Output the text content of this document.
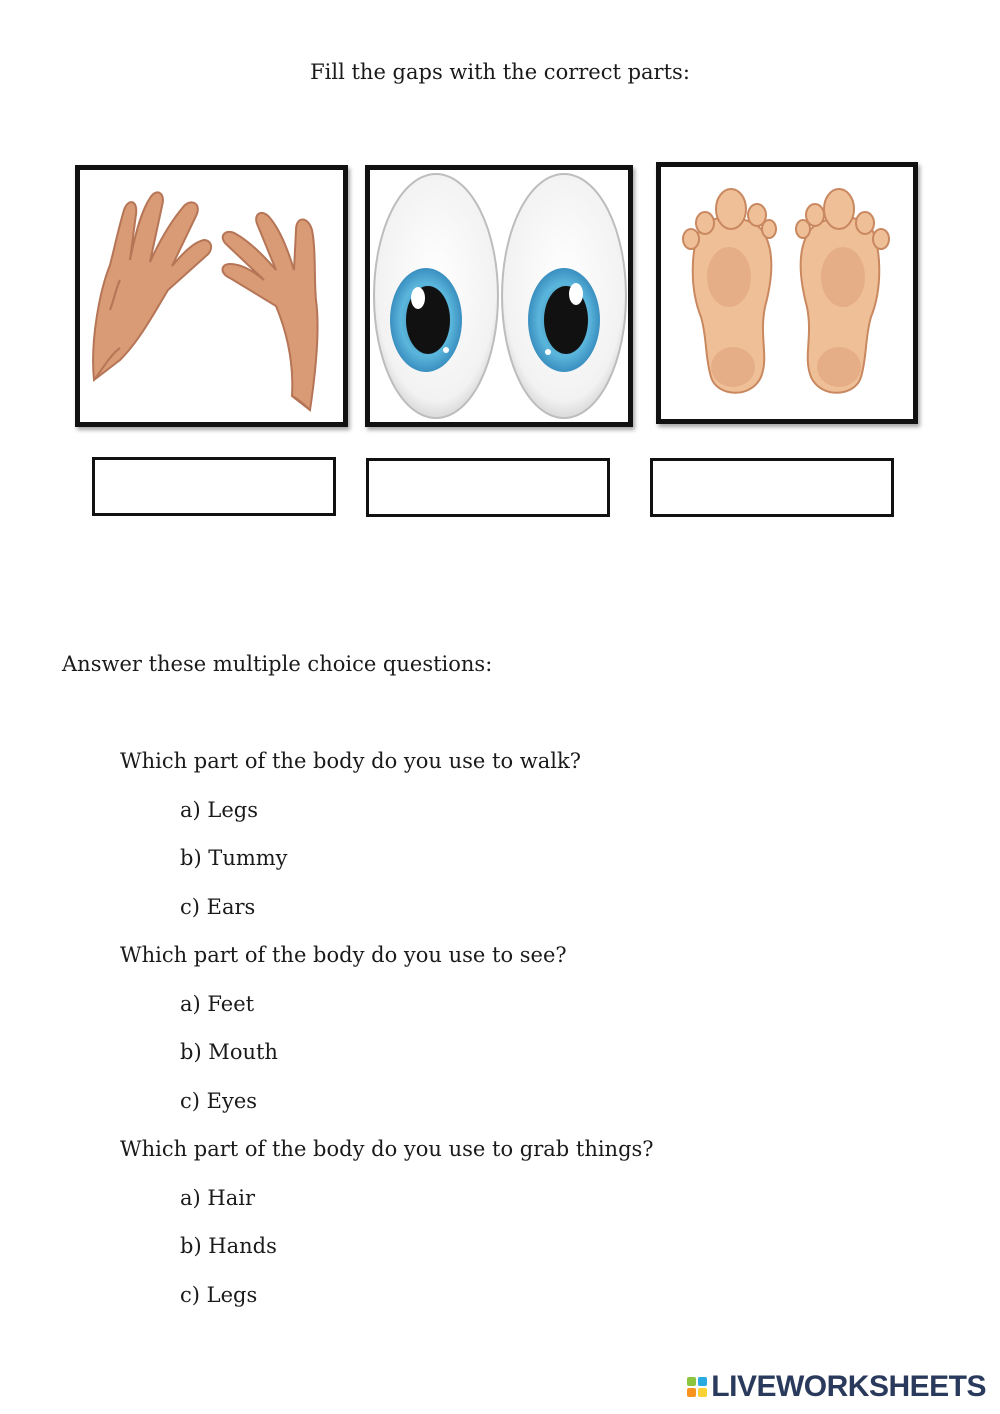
Fill the gaps with the correct parts:
Answer these multiple choice questions:
Which part of the body do you use to walk?
a) Legs
b) Tummy
c) Ears
Which part of the body do you use to see?
a) Feet
b) Mouth
c) Eyes
Which part of the body do you use to grab things?
a) Hair
b) Hands
c) Legs
LIVEWORKSHEETS
